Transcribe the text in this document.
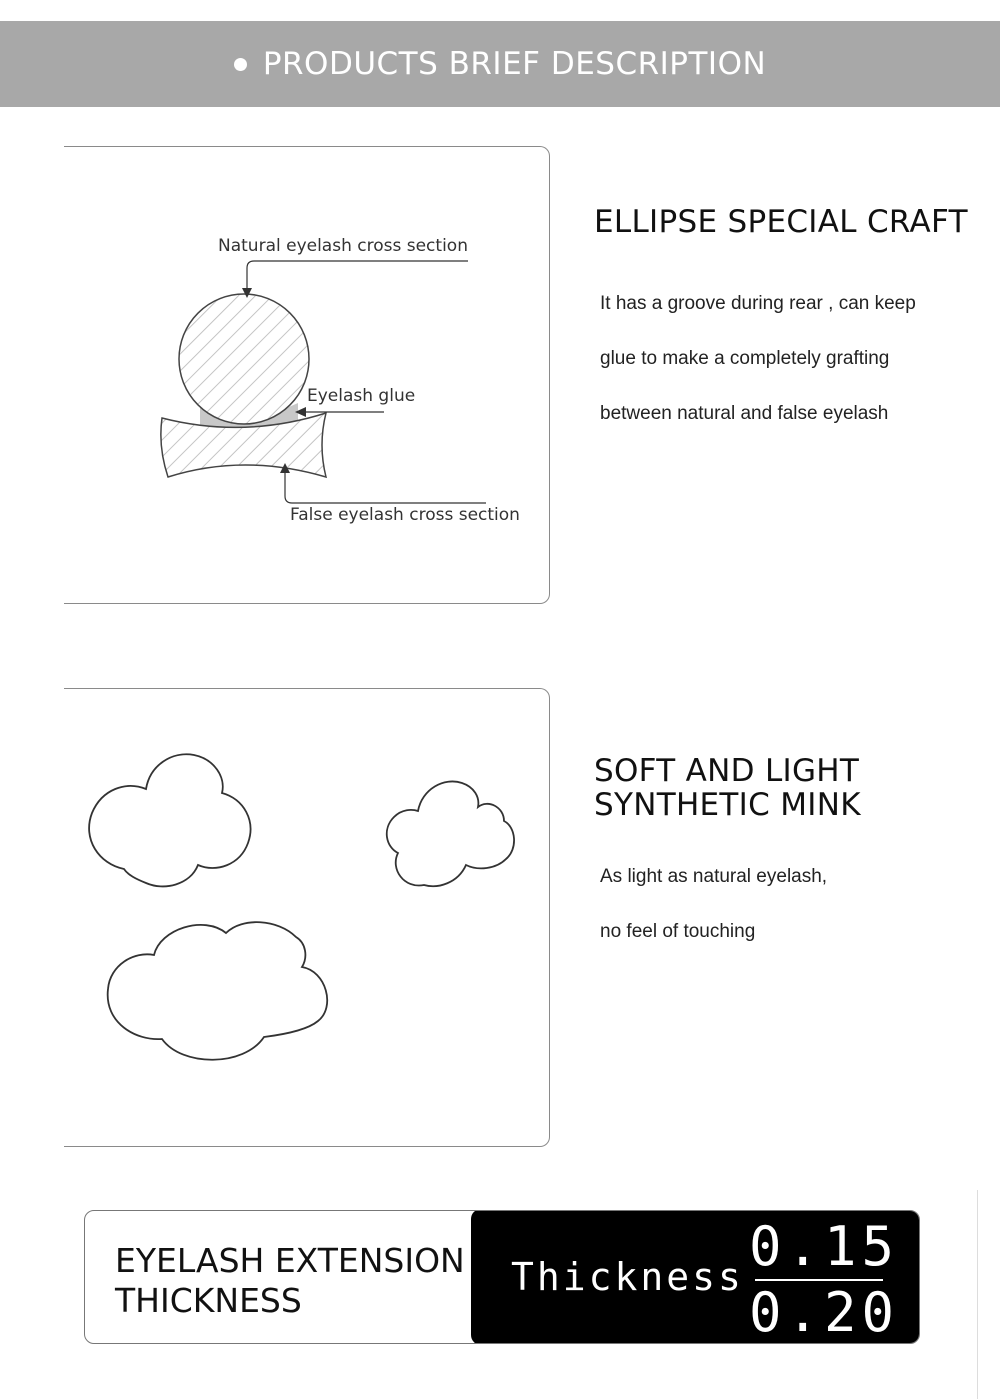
PRODUCTS BRIEF DESCRIPTION
Natural eyelash cross section
Eyelash glue
False eyelash cross section
ELLIPSE SPECIAL CRAFT
It has a groove during rear , can keep
glue to make a completely grafting
between natural and false eyelash
SOFT AND LIGHT
SYNTHETIC MINK
As light as natural eyelash,
no feel of touching
EYELASH EXTENSION
THICKNESS
Thickness 0.15
0.20
